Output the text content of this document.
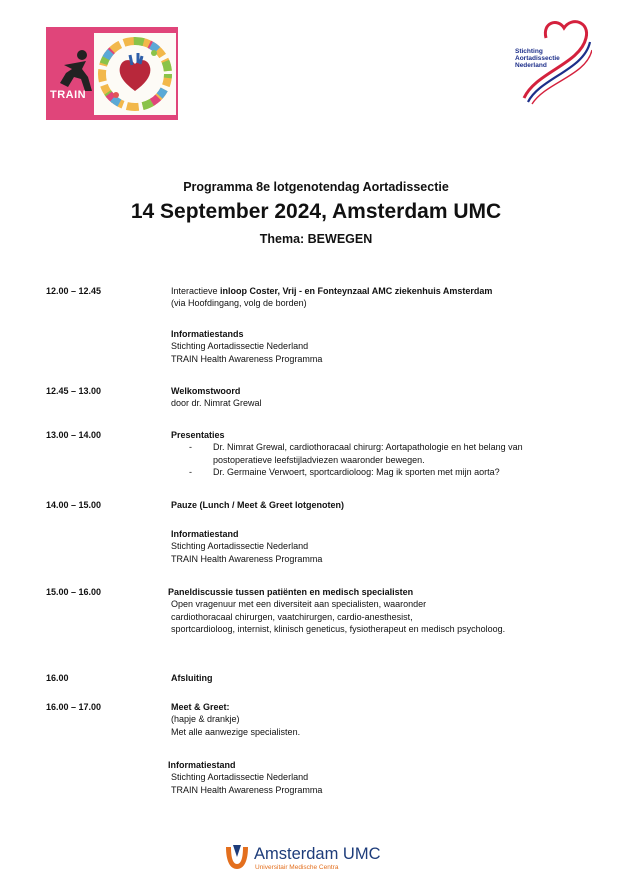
TRAIN
Stichting
Aortadissectie
Nederland
Programma 8e lotgenotendag Aortadissectie
14 September 2024, Amsterdam UMC
Thema: BEWEGEN
12.00 – 12.45	Interactieve inloop Coster, Vrij - en Fonteynzaal AMC ziekenhuis Amsterdam
(via Hoofdingang, volg de borden)
Informatiestands
Stichting Aortadissectie Nederland
TRAIN Health Awareness Programma
12.45 – 13.00	Welkomstwoord
door dr. Nimrat Grewal
13.00 – 14.00	Presentaties
- Dr. Nimrat Grewal, cardiothoracaal chirurg: Aortapathologie en het belang van
postoperatieve leefstijladviezen waaronder bewegen.
- Dr. Germaine Verwoert, sportcardioloog: Mag ik sporten met mijn aorta?
14.00 – 15.00	Pauze (Lunch / Meet & Greet lotgenoten)
Informatiestand
Stichting Aortadissectie Nederland
TRAIN Health Awareness Programma
15.00 – 16.00	Paneldiscussie tussen patiënten en medisch specialisten
Open vragenuur met een diversiteit aan specialisten, waaronder
cardiothoracaal chirurgen, vaatchirurgen, cardio-anesthesist,
sportcardioloog, internist, klinisch geneticus, fysiotherapeut en medisch psycholoog.
16.00	Afsluiting
16.00 – 17.00	Meet & Greet:
(hapje & drankje)
Met alle aanwezige specialisten.
Informatiestand
Stichting Aortadissectie Nederland
TRAIN Health Awareness Programma
Amsterdam UMC
Universitair Medische Centra
